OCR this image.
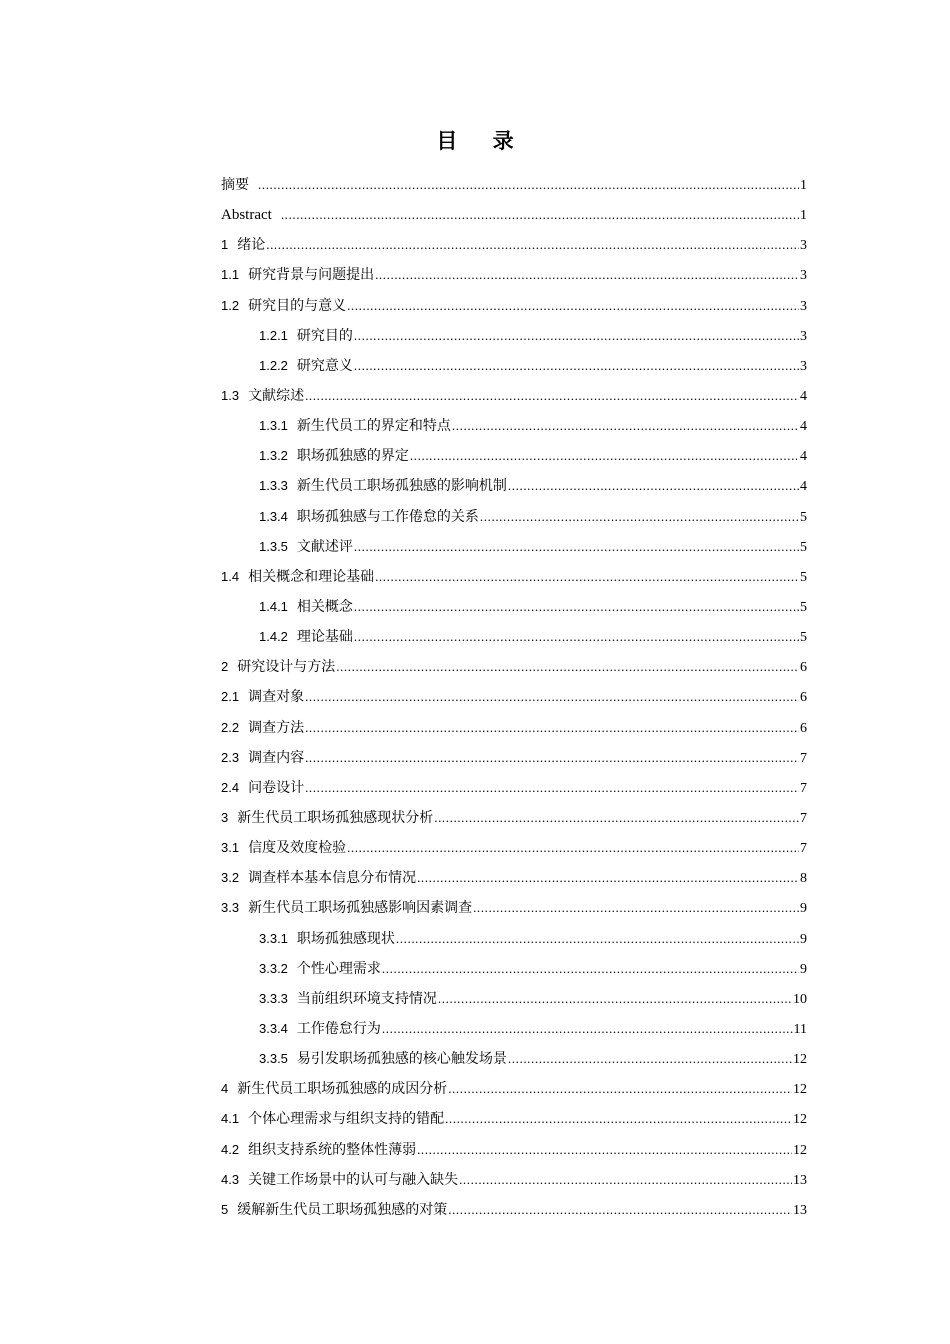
目 录
摘要 .....	1
Abstract .....	1
1 绪论 .....	3
1.1 研究背景与问题提出 .....	3
1.2 研究目的与意义 .....	3
1.2.1 研究目的 .....	3
1.2.2 研究意义 .....	3
1.3 文献综述 .....	4
1.3.1 新生代员工的界定和特点 .....	4
1.3.2 职场孤独感的界定 .....	4
1.3.3 新生代员工职场孤独感的影响机制 .....	4
1.3.4 职场孤独感与工作倦怠的关系 .....	5
1.3.5 文献述评 .....	5
1.4 相关概念和理论基础 .....	5
1.4.1 相关概念 .....	5
1.4.2 理论基础 .....	5
2 研究设计与方法 .....	6
2.1 调查对象 .....	6
2.2 调查方法 .....	6
2.3 调查内容 .....	7
2.4 问卷设计 .....	7
3 新生代员工职场孤独感现状分析 .....	7
3.1 信度及效度检验 .....	7
3.2 调查样本基本信息分布情况 .....	8
3.3 新生代员工职场孤独感影响因素调查 .....	9
3.3.1 职场孤独感现状 .....	9
3.3.2 个性心理需求 .....	9
3.3.3 当前组织环境支持情况 .....	10
3.3.4 工作倦怠行为 .....	11
3.3.5 易引发职场孤独感的核心触发场景 .....	12
4 新生代员工职场孤独感的成因分析 .....	12
4.1 个体心理需求与组织支持的错配 .....	12
4.2 组织支持系统的整体性薄弱 .....	12
4.3 关键工作场景中的认可与融入缺失 .....	13
5 缓解新生代员工职场孤独感的对策 .....	13
